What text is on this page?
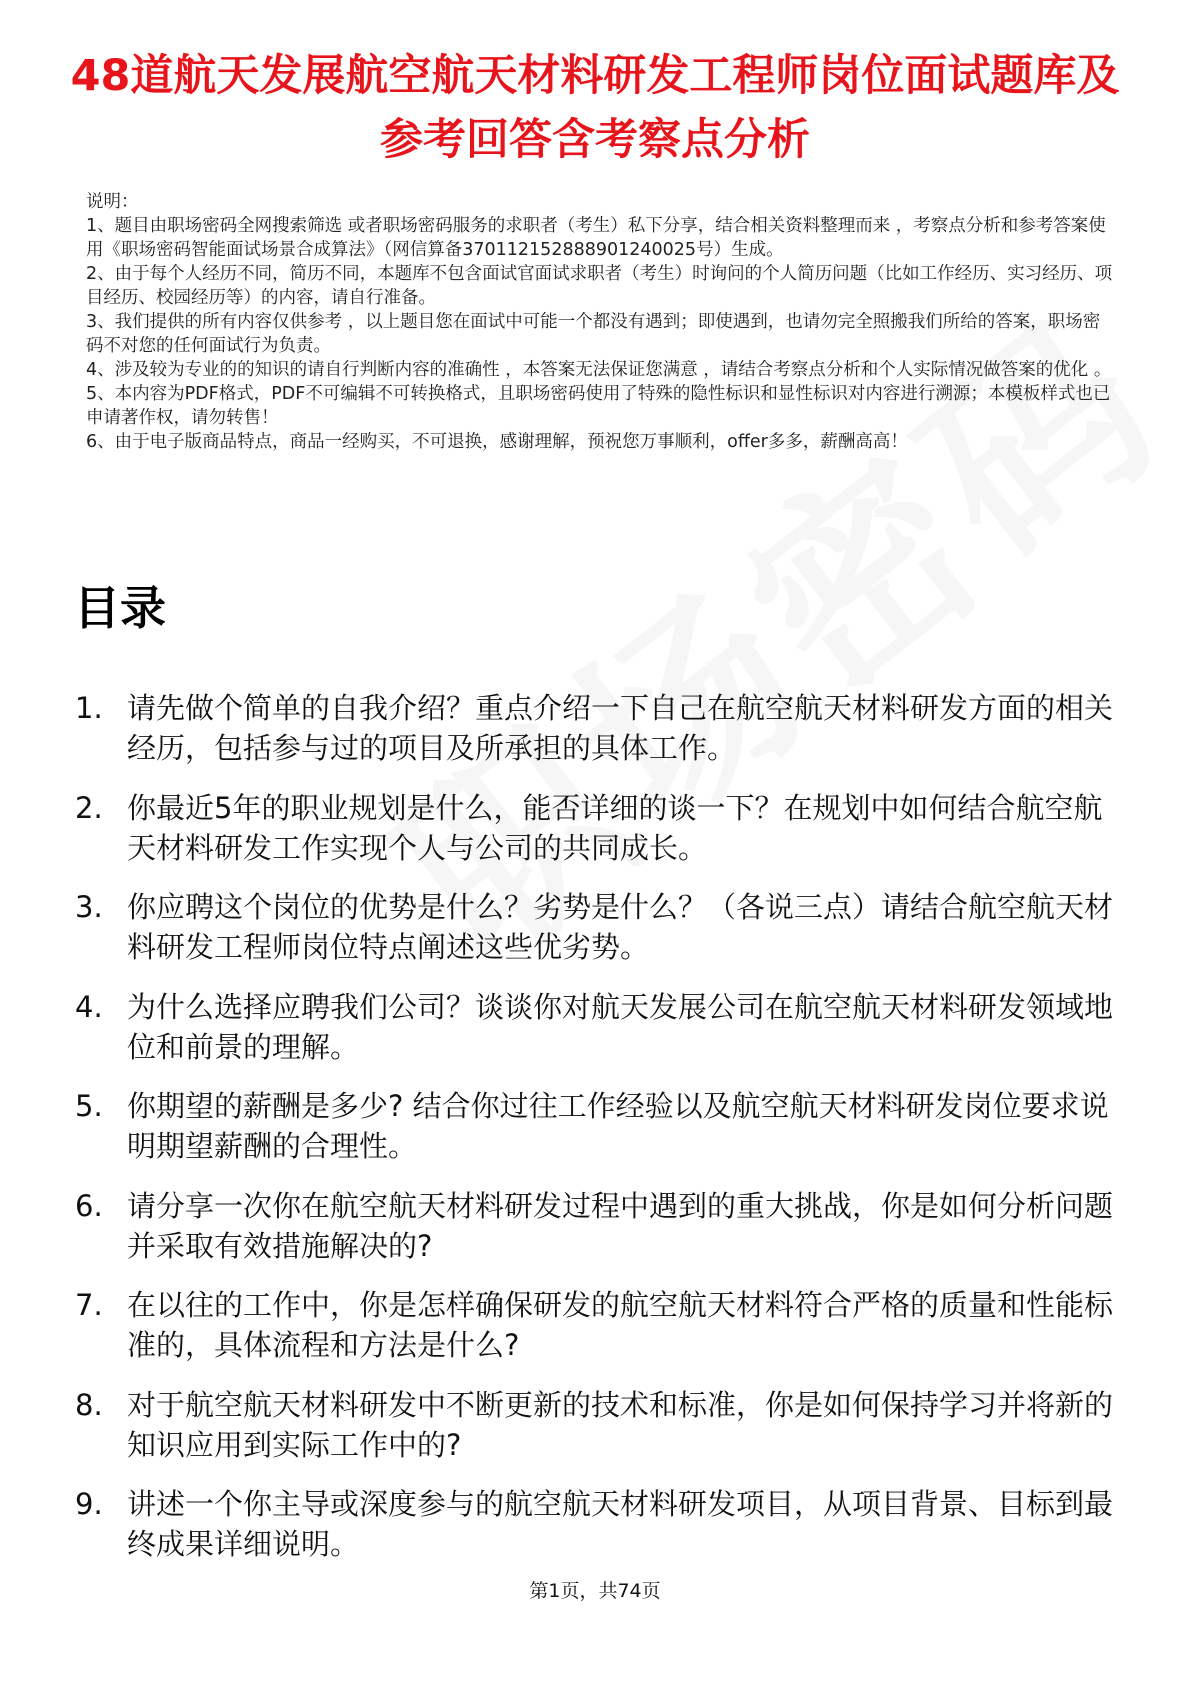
48道航天发展航空航天材料研发工程师岗位面试题库及参考回答含考察点分析

说明：

1、题目由职场密码全网搜索筛选 或者职场密码服务的求职者（考生）私下分享，结合相关资料整理而来 ，考察点分析和参考答案使用《职场密码智能面试场景合成算法》（网信算备370112152888901240025号）生成。

2、由于每个人经历不同，简历不同，本题库不包含面试官面试求职者（考生）时询问的个人简历问题（比如工作经历、实习经历、项目经历、校园经历等）的内容，请自行准备。

3、我们提供的所有内容仅供参考 ，以上题目您在面试中可能一个都没有遇到；即使遇到，也请勿完全照搬我们所给的答案，职场密码不对您的任何面试行为负责。

4、涉及较为专业的的知识的请自行判断内容的准确性 ，本答案无法保证您满意 ，请结合考察点分析和个人实际情况做答案的优化 。

5、本内容为PDF格式，PDF不可编辑不可转换格式，且职场密码使用了特殊的隐性标识和显性标识对内容进行溯源；本模板样式也已申请著作权，请勿转售！

6、由于电子版商品特点，商品一经购买，不可退换，感谢理解，预祝您万事顺利，offer多多，薪酬高高！

目录
1. 请先做个简单的自我介绍？重点介绍一下自己在航空航天材料研发方面的相关经历，包括参与过的项目及所承担的具体工作。
2. 你最近5年的职业规划是什么，能否详细的谈一下？在规划中如何结合航空航天材料研发工作实现个人与公司的共同成长。
3. 你应聘这个岗位的优势是什么？劣势是什么？（各说三点）请结合航空航天材料研发工程师岗位特点阐述这些优劣势。
4. 为什么选择应聘我们公司？谈谈你对航天发展公司在航空航天材料研发领域地位和前景的理解。
5. 你期望的薪酬是多少? 结合你过往工作经验以及航空航天材料研发岗位要求说明期望薪酬的合理性。
6. 请分享一次你在航空航天材料研发过程中遇到的重大挑战，你是如何分析问题并采取有效措施解决的?
7. 在以往的工作中，你是怎样确保研发的航空航天材料符合严格的质量和性能标准的，具体流程和方法是什么?
8. 对于航空航天材料研发中不断更新的技术和标准，你是如何保持学习并将新的知识应用到实际工作中的?
9. 讲述一个你主导或深度参与的航空航天材料研发项目，从项目背景、目标到最终成果详细说明。
第1页，共74页
